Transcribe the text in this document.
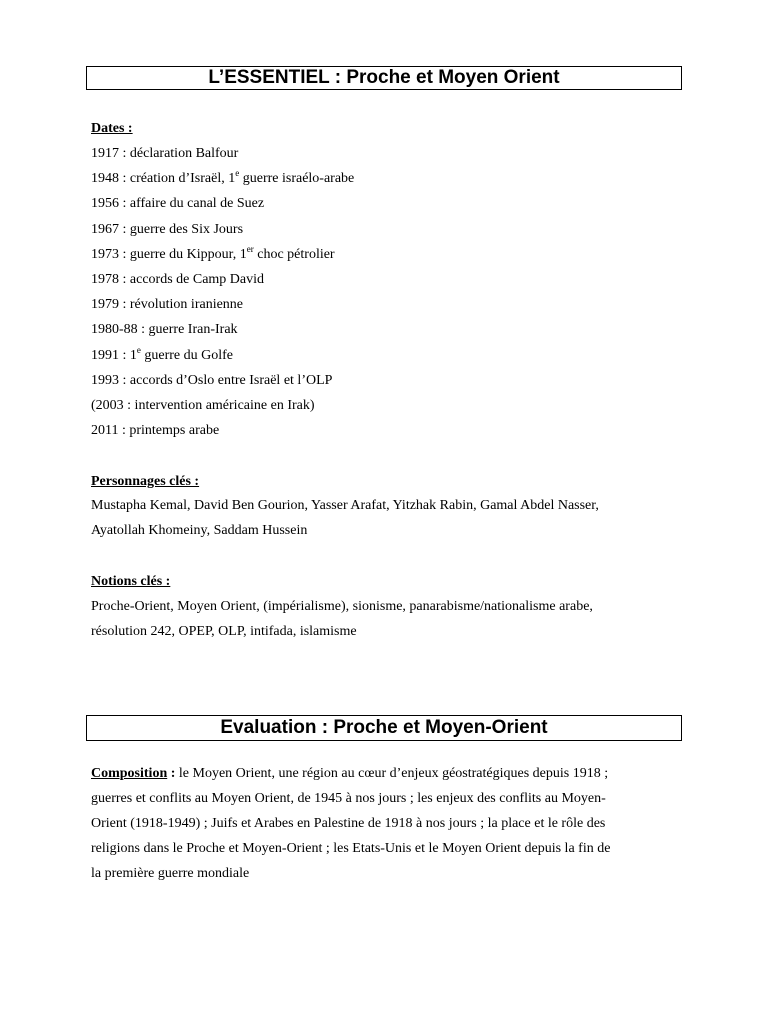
L’ESSENTIEL : Proche et Moyen Orient
Dates :
1917 : déclaration Balfour
1948 : création d’Israël, 1e guerre israélo-arabe
1956 : affaire du canal de Suez
1967 : guerre des Six Jours
1973 : guerre du Kippour, 1er choc pétrolier
1978 : accords de Camp David
1979 : révolution iranienne
1980-88 : guerre Iran-Irak
1991 : 1e guerre du Golfe
1993 : accords d’Oslo entre Israël et l’OLP
(2003 : intervention américaine en Irak)
2011 : printemps arabe
Personnages clés :
Mustapha Kemal, David Ben Gourion, Yasser Arafat, Yitzhak Rabin, Gamal Abdel Nasser,
Ayatollah Khomeiny, Saddam Hussein
Notions clés :
Proche-Orient, Moyen Orient, (impérialisme), sionisme, panarabisme/nationalisme arabe,
résolution 242, OPEP, OLP, intifada, islamisme
Evaluation : Proche et Moyen-Orient
Composition : le Moyen Orient, une région au cœur d’enjeux géostratégiques depuis 1918 ;
guerres et conflits au Moyen Orient, de 1945 à nos jours ; les enjeux des conflits au Moyen-
Orient (1918-1949) ; Juifs et Arabes en Palestine de 1918 à nos jours ; la place et le rôle des
religions dans le Proche et Moyen-Orient ; les Etats-Unis et le Moyen Orient depuis la fin de
la première guerre mondiale
